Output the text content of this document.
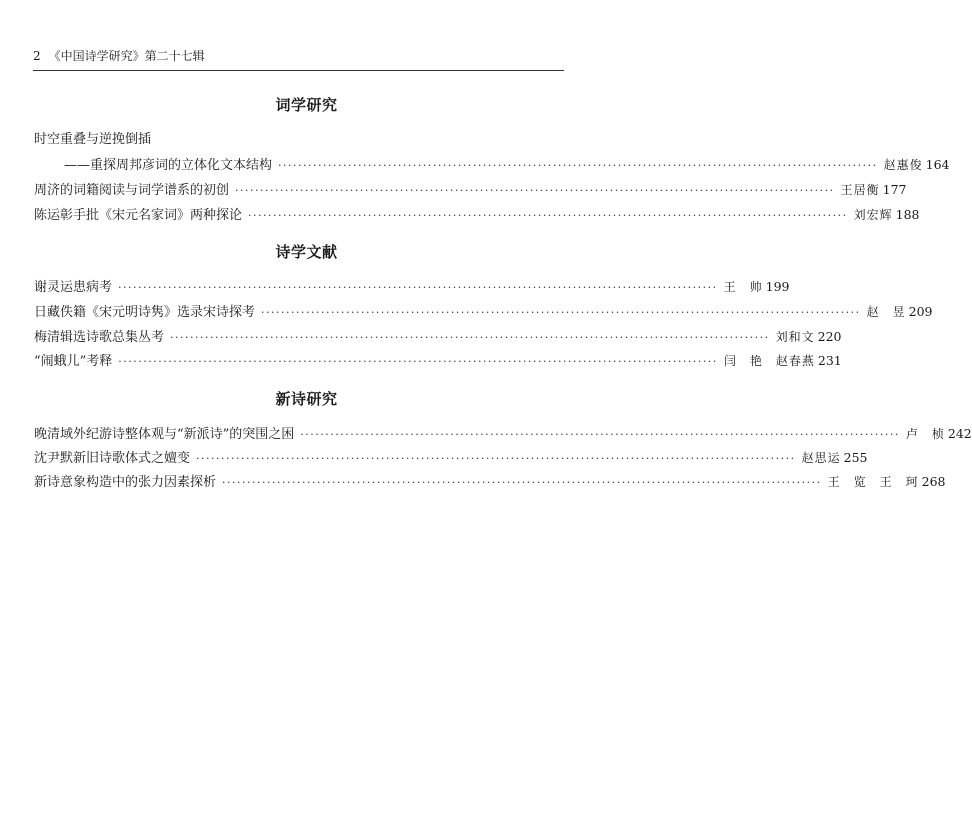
2 《中国诗学研究》第二十七辑
词学研究
时空重叠与逆挽倒插
——重探周邦彦词的立体化文本结构 ························································································································ 赵惠俊 164
周济的词籍阅读与词学谱系的初创 ························································································································ 王居衡 177
陈运彰手批《宋元名家词》两种探论 ························································································································ 刘宏辉 188
诗学文献
谢灵运患病考 ························································································································ 王　帅 199
日藏佚籍《宋元明诗隽》选录宋诗探考 ························································································································ 赵　昱 209
梅清辑选诗歌总集丛考 ························································································································ 刘和文 220
“闹蛾儿”考释 ························································································································ 闫　艳　赵春燕 231
新诗研究
晚清域外纪游诗整体观与“新派诗”的突围之困 ························································································································ 卢　桢 242
沈尹默新旧诗歌体式之嬗变 ························································································································ 赵思运 255
新诗意象构造中的张力因素探析 ························································································································ 王　览　王　珂 268
